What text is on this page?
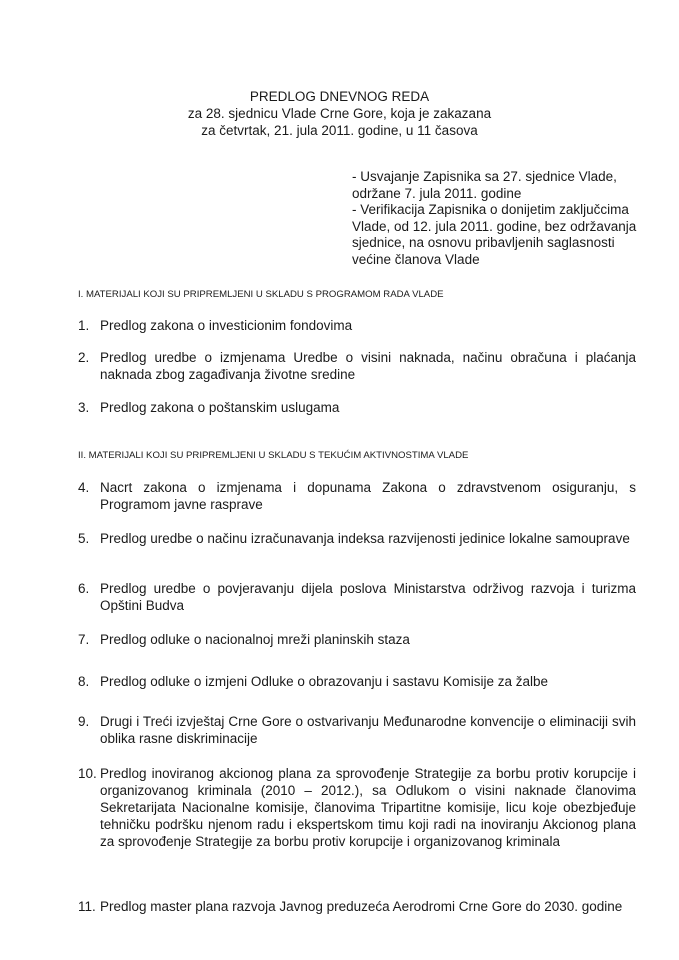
PREDLOG DNEVNOG REDA
za 28. sjednicu Vlade Crne Gore, koja je zakazana
za četvrtak, 21. jula 2011. godine, u 11 časova
- Usvajanje Zapisnika sa 27. sjednice Vlade, održane 7. jula 2011. godine
- Verifikacija Zapisnika o donijetim zaključcima Vlade, od 12. jula 2011. godine, bez održavanja sjednice, na osnovu pribavljenih saglasnosti većine članova Vlade
I. MATERIJALI KOJI SU PRIPREMLJENI U SKLADU S PROGRAMOM RADA VLADE
1. Predlog zakona o investicionim fondovima
2. Predlog uredbe o izmjenama Uredbe o visini naknada, načinu obračuna i plaćanja naknada zbog zagađivanja životne sredine
3. Predlog zakona o poštanskim uslugama
II. MATERIJALI KOJI SU PRIPREMLJENI U SKLADU S TEKUĆIM AKTIVNOSTIMA VLADE
4. Nacrt zakona o izmjenama i dopunama Zakona o zdravstvenom osiguranju, s Programom javne rasprave
5. Predlog uredbe o načinu izračunavanja indeksa razvijenosti jedinice lokalne samouprave
6. Predlog uredbe o povjeravanju dijela poslova Ministarstva održivog razvoja i turizma Opštini Budva
7. Predlog odluke o nacionalnoj mreži planinskih staza
8. Predlog odluke o izmjeni Odluke o obrazovanju i sastavu Komisije za žalbe
9. Drugi i Treći izvještaj Crne Gore o ostvarivanju Međunarodne konvencije o eliminaciji svih oblika rasne diskriminacije
10. Predlog inoviranog akcionog plana za sprovođenje Strategije za borbu protiv korupcije i organizovanog kriminala (2010 – 2012.), sa Odlukom o visini naknade članovima Sekretarijata Nacionalne komisije, članovima Tripartitne komisije, licu koje obezbjeđuje tehničku podršku njenom radu i ekspertskom timu koji radi na inoviranju Akcionog plana za sprovođenje Strategije za borbu protiv korupcije i organizovanog kriminala
11. Predlog master plana razvoja Javnog preduzeća Aerodromi Crne Gore do 2030. godine
